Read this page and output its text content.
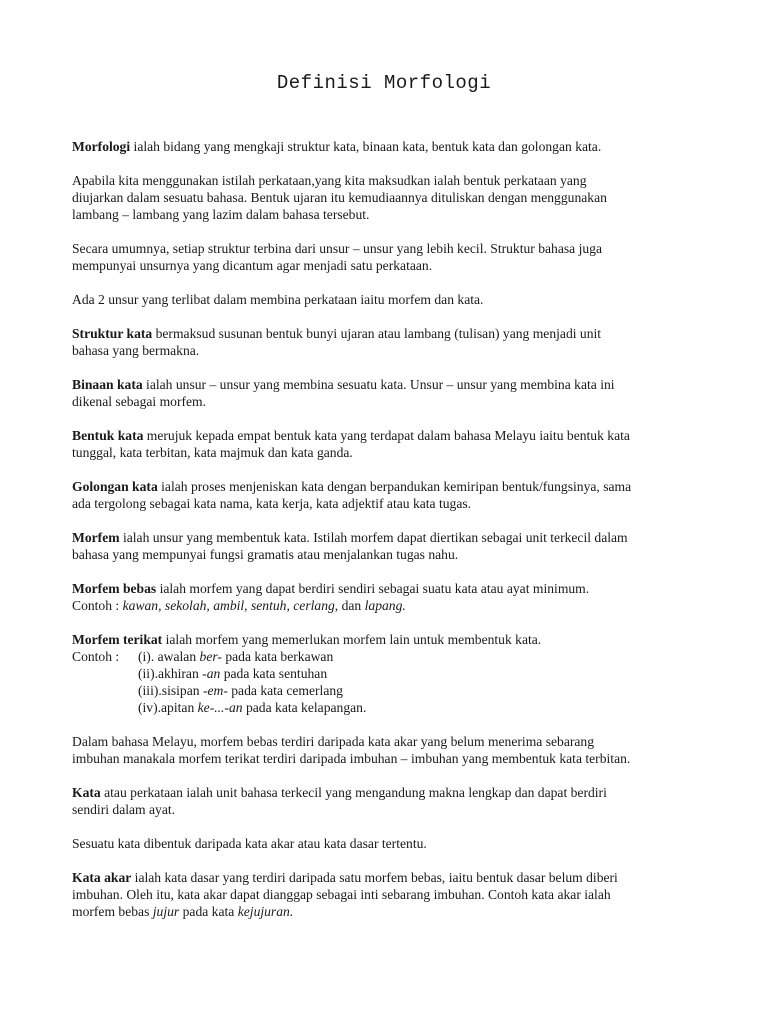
Definisi Morfologi

Morfologi ialah bidang yang mengkaji struktur kata, binaan kata, bentuk kata dan golongan kata.

Apabila kita menggunakan istilah perkataan,yang kita maksudkan ialah bentuk perkataan yang
diujarkan dalam sesuatu bahasa. Bentuk ujaran itu kemudiaannya dituliskan dengan menggunakan
lambang – lambang yang lazim dalam bahasa tersebut.

Secara umumnya, setiap struktur terbina dari unsur – unsur yang lebih kecil. Struktur bahasa juga
mempunyai unsurnya yang dicantum agar menjadi satu perkataan.

Ada 2 unsur yang terlibat dalam membina perkataan iaitu morfem dan kata.

Struktur kata bermaksud susunan bentuk bunyi ujaran atau lambang (tulisan) yang menjadi unit
bahasa yang bermakna.

Binaan kata ialah unsur – unsur yang membina sesuatu kata. Unsur – unsur yang membina kata ini
dikenal sebagai morfem.

Bentuk kata merujuk kepada empat bentuk kata yang terdapat dalam bahasa Melayu iaitu bentuk kata
tunggal, kata terbitan, kata majmuk dan kata ganda.

Golongan kata ialah proses menjeniskan kata dengan berpandukan kemiripan bentuk/fungsinya, sama
ada tergolong sebagai kata nama, kata kerja, kata adjektif atau kata tugas.

Morfem ialah unsur yang membentuk kata. Istilah morfem dapat diertikan sebagai unit terkecil dalam
bahasa yang mempunyai fungsi gramatis atau menjalankan tugas nahu.

Morfem bebas ialah morfem yang dapat berdiri sendiri sebagai suatu kata atau ayat minimum.
Contoh : kawan, sekolah, ambil, sentuh, cerlang, dan lapang.

Morfem terikat ialah morfem yang memerlukan morfem lain untuk membentuk kata.

Contoh :	(i). awalan ber- pada kata berkawan
(ii).akhiran -an pada kata sentuhan
(iii).sisipan -em- pada kata cemerlang
(iv).apitan ke-...-an pada kata kelapangan.

Dalam bahasa Melayu, morfem bebas terdiri daripada kata akar yang belum menerima sebarang
imbuhan manakala morfem terikat terdiri daripada imbuhan – imbuhan yang membentuk kata terbitan.

Kata atau perkataan ialah unit bahasa terkecil yang mengandung makna lengkap dan dapat berdiri
sendiri dalam ayat.

Sesuatu kata dibentuk daripada kata akar atau kata dasar tertentu.

Kata akar ialah kata dasar yang terdiri daripada satu morfem bebas, iaitu bentuk dasar belum diberi
imbuhan. Oleh itu, kata akar dapat dianggap sebagai inti sebarang imbuhan. Contoh kata akar ialah
morfem bebas jujur pada kata kejujuran.
